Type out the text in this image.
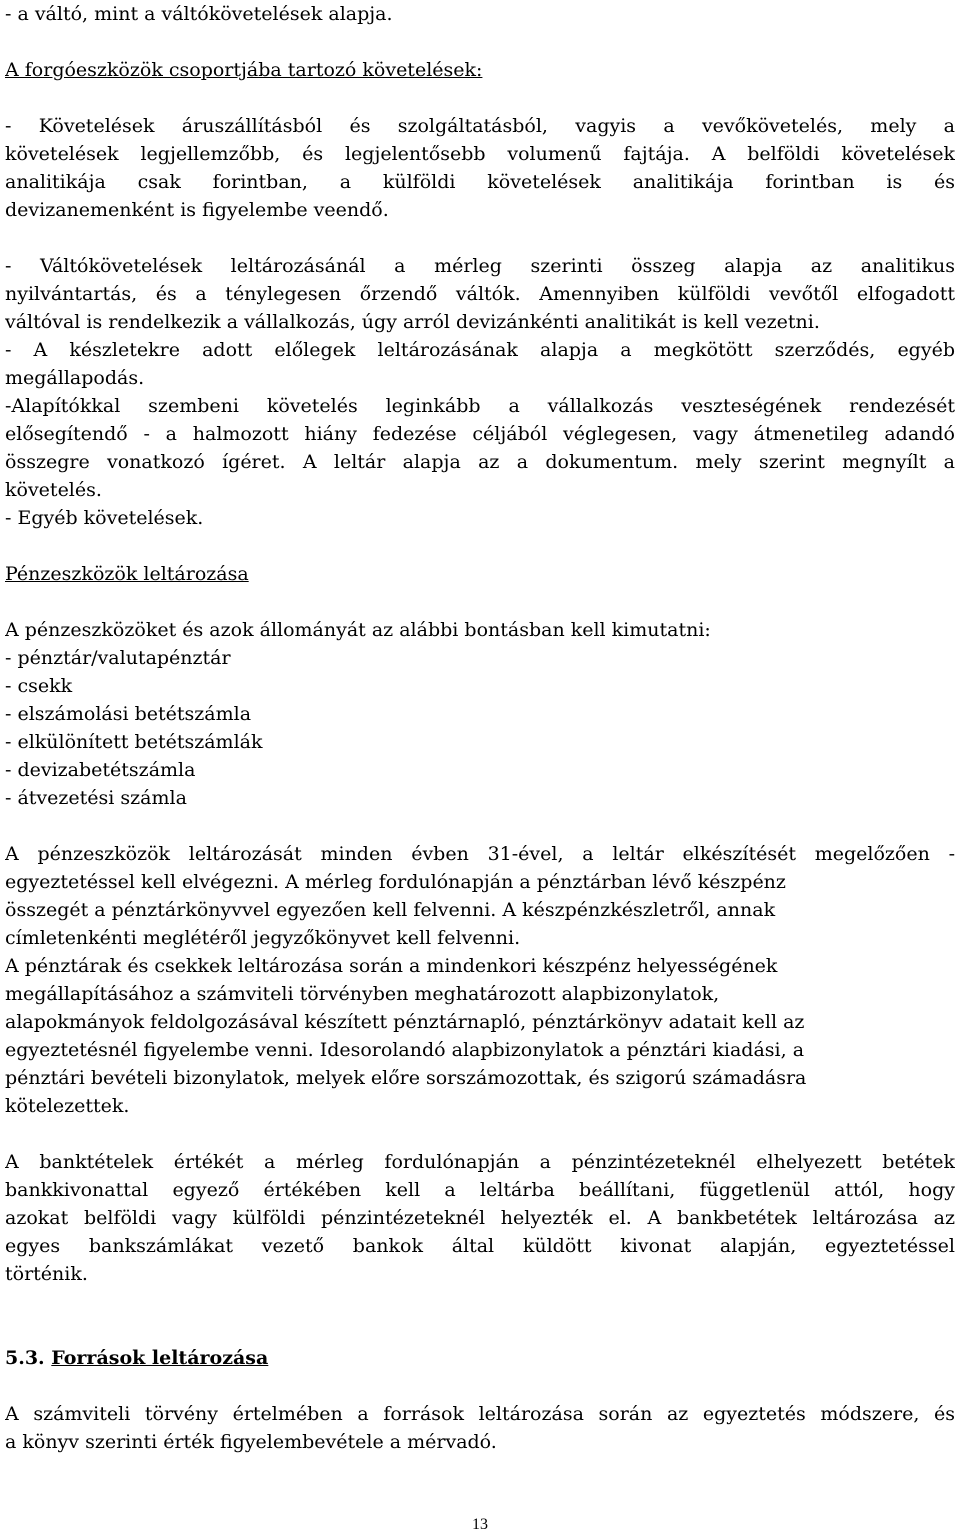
- a váltó, mint a váltókövetelések alapja.
A forgóeszközök csoportjába tartozó követelések:
- Követelések áruszállításból és szolgáltatásból, vagyis a vevőkövetelés, mely a
követelések legjellemzőbb, és legjelentősebb volumenű fajtája. A belföldi követelések
analitikája csak forintban, a külföldi követelések analitikája forintban is és
devizanemenként is figyelembe veendő.
- Váltókövetelések leltározásánál a mérleg szerinti összeg alapja az analitikus
nyilvántartás, és a ténylegesen őrzendő váltók. Amennyiben külföldi vevőtől elfogadott
váltóval is rendelkezik a vállalkozás, úgy arról devizánkénti analitikát is kell vezetni.
- A készletekre adott előlegek leltározásának alapja a megkötött szerződés, egyéb
megállapodás.
-Alapítókkal szembeni követelés leginkább a vállalkozás veszteségének rendezését
elősegítendő - a halmozott hiány fedezése céljából véglegesen, vagy átmenetileg adandó
összegre vonatkozó ígéret. A leltár alapja az a dokumentum. mely szerint megnyílt a
követelés.
- Egyéb követelések.
Pénzeszközök leltározása
A pénzeszközöket és azok állományát az alábbi bontásban kell kimutatni:
- pénztár/valutapénztár
- csekk
- elszámolási betétszámla
- elkülönített betétszámlák
- devizabetétszámla
- átvezetési számla
A pénzeszközök leltározását minden évben 31-ével, a leltár elkészítését megelőzően -
egyeztetéssel kell elvégezni. A mérleg fordulónapján a pénztárban lévő készpénz
összegét a pénztárkönyvvel egyezően kell felvenni. A készpénzkészletről, annak
címletenkénti meglétéről jegyzőkönyvet kell felvenni.
A pénztárak és csekkek leltározása során a mindenkori készpénz helyességének
megállapításához a számviteli törvényben meghatározott alapbizonylatok,
alapokmányok feldolgozásával készített pénztárnapló, pénztárkönyv adatait kell az
egyeztetésnél figyelembe venni. Idesorolandó alapbizonylatok a pénztári kiadási, a
pénztári bevételi bizonylatok, melyek előre sorszámozottak, és szigorú számadásra
kötelezettek.
A banktételek értékét a mérleg fordulónapján a pénzintézeteknél elhelyezett betétek
bankkivonattal egyező értékében kell a leltárba beállítani, függetlenül attól, hogy
azokat belföldi vagy külföldi pénzintézeteknél helyezték el. A bankbetétek leltározása az
egyes bankszámlákat vezető bankok által küldött kivonat alapján, egyeztetéssel
történik.
5.3. Források leltározása
A számviteli törvény értelmében a források leltározása során az egyeztetés módszere, és
a könyv szerinti érték figyelembevétele a mérvadó.
13
